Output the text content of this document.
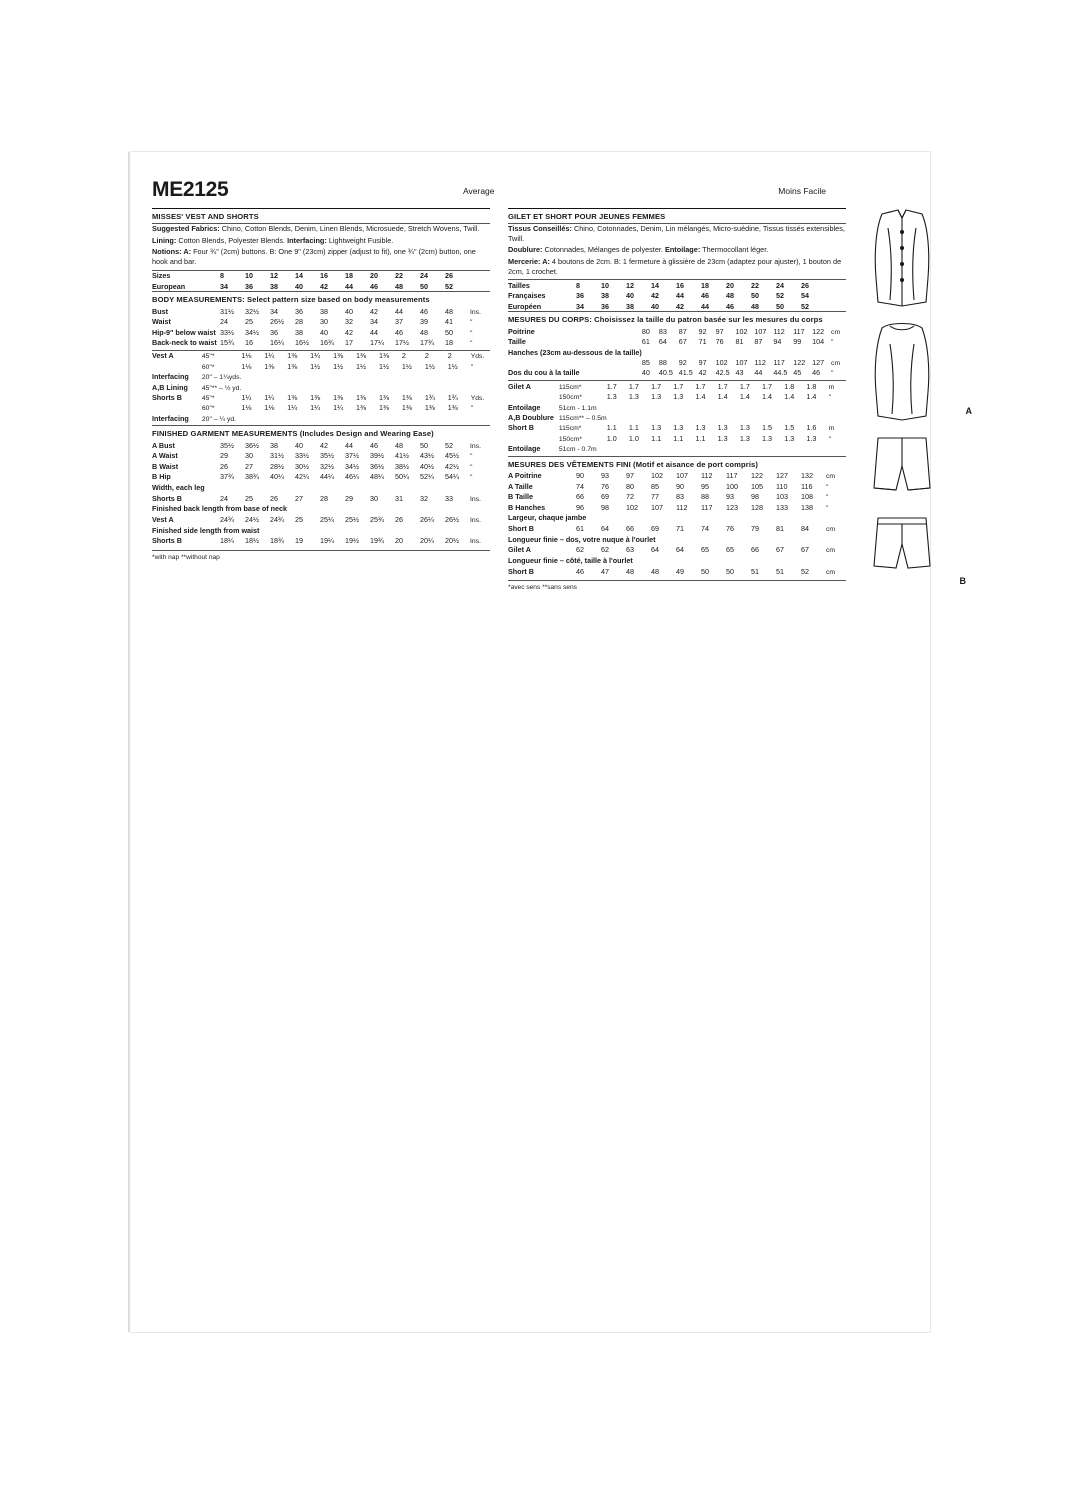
ME2125	Average	Moins Facile
MISSES' VEST AND SHORTS

Suggested Fabrics: Chino, Cotton Blends, Denim, Linen Blends, Microsuede, Stretch Wovens, Twill.

Lining: Cotton Blends, Polyester Blends. Interfacing: Lightweight Fusible.

Notions: A: Four ¾" (2cm) buttons. B: One 9" (23cm) zipper (adjust to fit), one ¾" (2cm) button, one hook and bar.

Sizes	8	10	12	14	16	18	20	22	24	26	
European	34	36	38	40	42	44	46	48	50	52	
BODY MEASUREMENTS: Select pattern size based on body measurements
Bust	31½	32½	34	36	38	40	42	44	46	48	Ins.
Waist	24	25	26½	28	30	32	34	37	39	41	"
Hip-9" below waist	33½	34½	36	38	40	42	44	46	48	50	"
Back-neck to waist	15¾	16	16¼	16½	16¾	17	17¼	17½	17¾	18	"
Vest A	45"*	1⅛	1¼	1⅜	1¼	1⅜	1⅜	1⅜	2	2	2	Yds.
	60"*	1⅛	1⅜	1⅜	1½	1½	1½	1½	1½	1½	1½	"
Interfacing	20" – 1¼yds.											
A,B Lining	45"** – ½ yd.											
Shorts B	45"*	1¼	1¼	1⅜	1⅜	1⅜	1⅜	1⅜	1⅜	1¾	1¾	Yds.
	60"*	1⅛	1⅛	1¼	1¼	1¼	1⅜	1⅜	1⅜	1⅜	1⅜	"
Interfacing	20" – ¼ yd.											
FINISHED GARMENT MEASUREMENTS (Includes Design and Wearing Ease)
A Bust	35½	36½	38	40	42	44	46	48	50	52	Ins.
A Waist	29	30	31½	33½	35½	37½	39½	41½	43½	45½	"
B Waist	26	27	28½	30½	32½	34½	36½	38½	40½	42½	"
B Hip	37¾	38¾	40¼	42¼	44¼	46¼	48¼	50¼	52¼	54¼	"
Width, each leg
Shorts B	24	25	26	27	28	29	30	31	32	33	Ins.
Finished back length from base of neck
Vest A	24¾	24½	24¾	25	25¼	25½	25¾	26	26¼	26½	Ins.
Finished side length from waist
Shorts B	18¼	18½	18¾	19	19¼	19½	19¾	20	20¼	20½	Ins.
*with nap **without nap
GILET ET SHORT POUR JEUNES FEMMES

Tissus Conseillés: Chino, Cotonnades, Denim, Lin mélangés, Micro-suédine, Tissus tissés extensibles, Twill.

Doublure: Cotonnades, Mélanges de polyester. Entoilage: Thermocollant léger.

Mercerie: A: 4 boutons de 2cm. B: 1 fermeture à glissière de 23cm (adaptez pour ajuster), 1 bouton de 2cm, 1 crochet.

Tailles	8	10	12	14	16	18	20	22	24	26	
Françaises	36	38	40	42	44	46	48	50	52	54	
Européen	34	36	38	40	42	44	46	48	50	52	
MESURES DU CORPS: Choisissez la taille du patron basée sur les mesures du corps
Poitrine	80	83	87	92	97	102	107	112	117	122	cm
Taille	61	64	67	71	76	81	87	94	99	104	"
Hanches (23cm au-dessous de la taille)											
	85	88	92	97	102	107	112	117	122	127	cm
Dos du cou à la taille	40	40.5	41.5	42	42.5	43	44	44.5	45	46	"
Gilet A	115cm*	1.7	1.7	1.7	1.7	1.7	1.7	1.7	1.7	1.8	1.8	m
	150cm*	1.3	1.3	1.3	1.3	1.4	1.4	1.4	1.4	1.4	1.4	"
Entoilage	51cm - 1.1m											
A,B Doublure	115cm** – 0.5m											
Short B	115cm*	1.1	1.1	1.3	1.3	1.3	1.3	1.3	1.5	1.5	1.6	m
	150cm*	1.0	1.0	1.1	1.1	1.1	1.3	1.3	1.3	1.3	1.3	"
Entoilage	51cm - 0.7m											
MESURES DES VÊTEMENTS FINI (Motif et aisance de port compris)
A Poitrine	90	93	97	102	107	112	117	122	127	132	cm
A Taille	74	76	80	85	90	95	100	105	110	116	"
B Taille	66	69	72	77	83	88	93	98	103	108	"
B Hanches	96	98	102	107	112	117	123	128	133	138	"
Largeur, chaque jambe
Short B	61	64	66	69	71	74	76	79	81	84	cm
Longueur finie – dos, votre nuque à l'ourlet
Gilet A	62	62	63	64	64	65	65	66	67	67	cm
Longueur finie – côté, taille à l'ourlet
Short B	46	47	48	48	49	50	50	51	51	52	cm
*avec sens **sans sens
A
B
